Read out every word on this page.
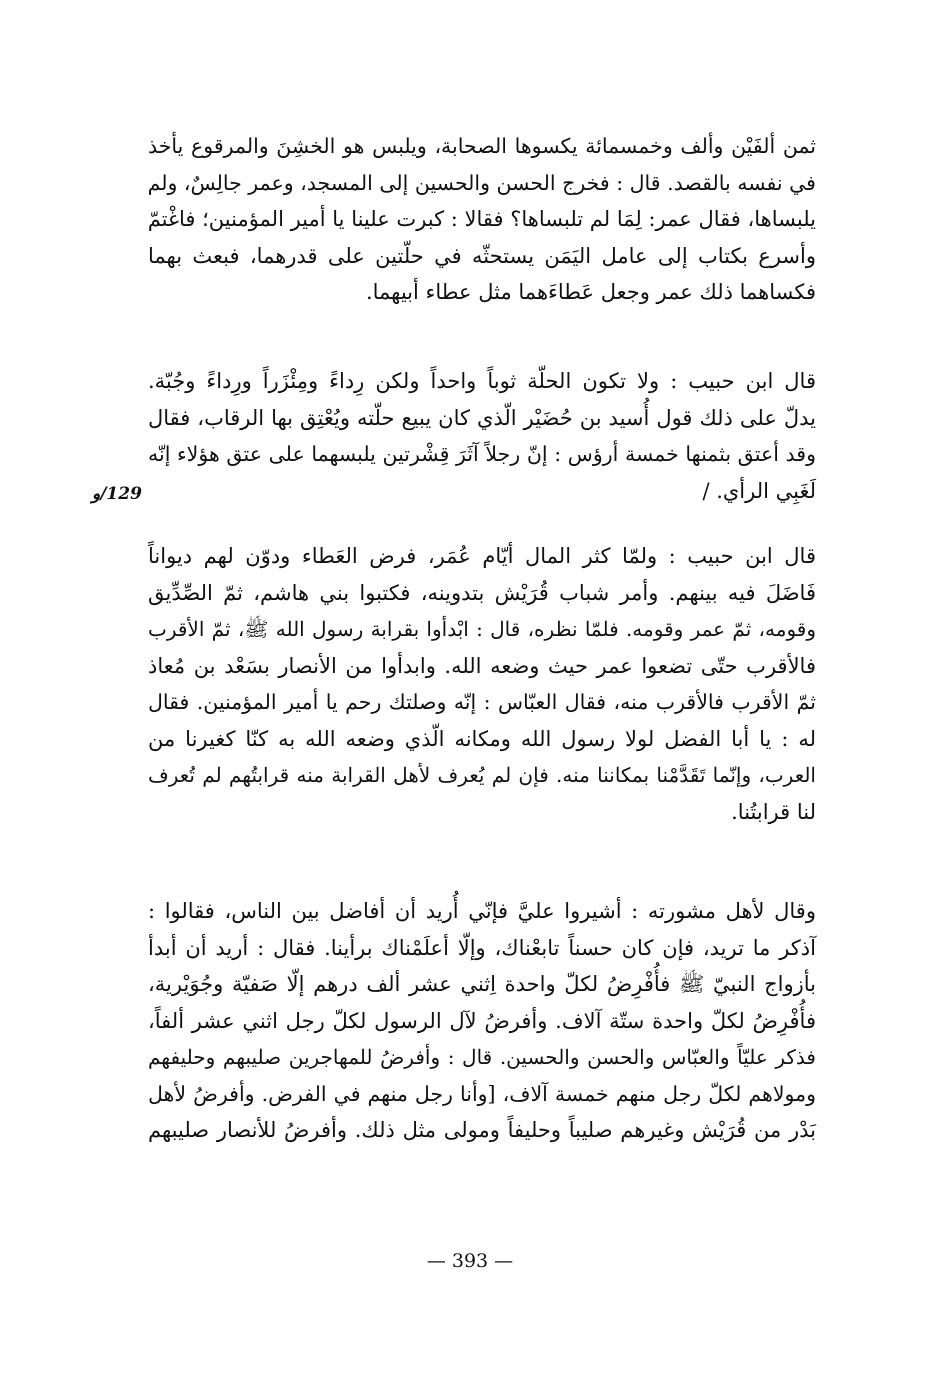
ثمن ألفَيْن وألف وخمسمائة يكسوها الصحابة، ويلبس هو الخشِنَ والمرقوع يأخذ
في نفسه بالقصد. قال : فخرج الحسن والحسين إلى المسجد، وعمر جالِسٌ، ولم
يلبساها، فقال عمر: لِمَا لم تلبساها؟ فقالا : كبرت علينا يا أمير المؤمنين؛ فاغْتمّ
وأسرع بكتاب إلى عامل اليَمَن يستحثّه في حلّتين على قدرهما، فبعث بهما
فكساهما ذلك عمر وجعل عَطاءَهما مثل عطاء أبيهما.
قال ابن حبيب : ولا تكون الحلّة ثوباً واحداً ولكن رِداءً ومِئْزَراً ورِداءً وجُبّة.
يدلّ على ذلك قول أُسيد بن حُضَيْر الّذي كان يبيع حلّته ويُعْتِق بها الرقاب، فقال
وقد أعتق بثمنها خمسة أرؤس : إنّ رجلاً آثَرَ قِشْرتين يلبسهما على عتق هؤلاء إنّه
لَغَبِي الرأي. /
129/و
قال ابن حبيب : ولمّا كثر المال أيّام عُمَر، فرض العَطاء ودوّن لهم ديواناً
فَاضَلَ فيه بينهم. وأمر شباب قُرَيْش بتدوينه، فكتبوا بني هاشم، ثمّ الصِّدِّيق
وقومه، ثمّ عمر وقومه. فلمّا نظره، قال : ابْدأوا بقرابة رسول الله ﷺ، ثمّ الأقرب
فالأقرب حتّى تضعوا عمر حيث وضعه الله. وابدأوا من الأنصار بسَعْد بن مُعاذ
ثمّ الأقرب فالأقرب منه، فقال العبّاس : إنّه وصلتك رحم يا أمير المؤمنين. فقال
له : يا أبا الفضل لولا رسول الله ومكانه الّذي وضعه الله به كنّا كغيرنا من
العرب، وإنّما تَقَدَّمْنا بمكاننا منه. فإن لم يُعرف لأهل القرابة منه قرابتُهم لم تُعرف
لنا قرابتُنا.
وقال لأهل مشورته : أشيروا عليَّ فإنّي أُريد أن أفاضل بين الناس، فقالوا :
آذكر ما تريد، فإن كان حسناً تابعْناك، وإلّا أعلَمْناك برأينا. فقال : أريد أن أبدأ
بأزواج النبيّ ﷺ فأُفْرِضُ لكلّ واحدة اِثني عشر ألف درهم إلّا صَفيّة وجُوَيْرية،
فأُفْرِضُ لكلّ واحدة ستّة آلاف. وأفرضُ لآل الرسول لكلّ رجل اثني عشر ألفاً،
فذكر عليّاً والعبّاس والحسن والحسين. قال : وأفرضُ للمهاجرين صليبهم وحليفهم
ومولاهم لكلّ رجل منهم خمسة آلاف، [وأنا رجل منهم في الفرض. وأفرضُ لأهل
بَدْر من قُرَيْش وغيرهم صليباً وحليفاً ومولى مثل ذلك. وأفرضُ للأنصار صليبهم
— 393 —
